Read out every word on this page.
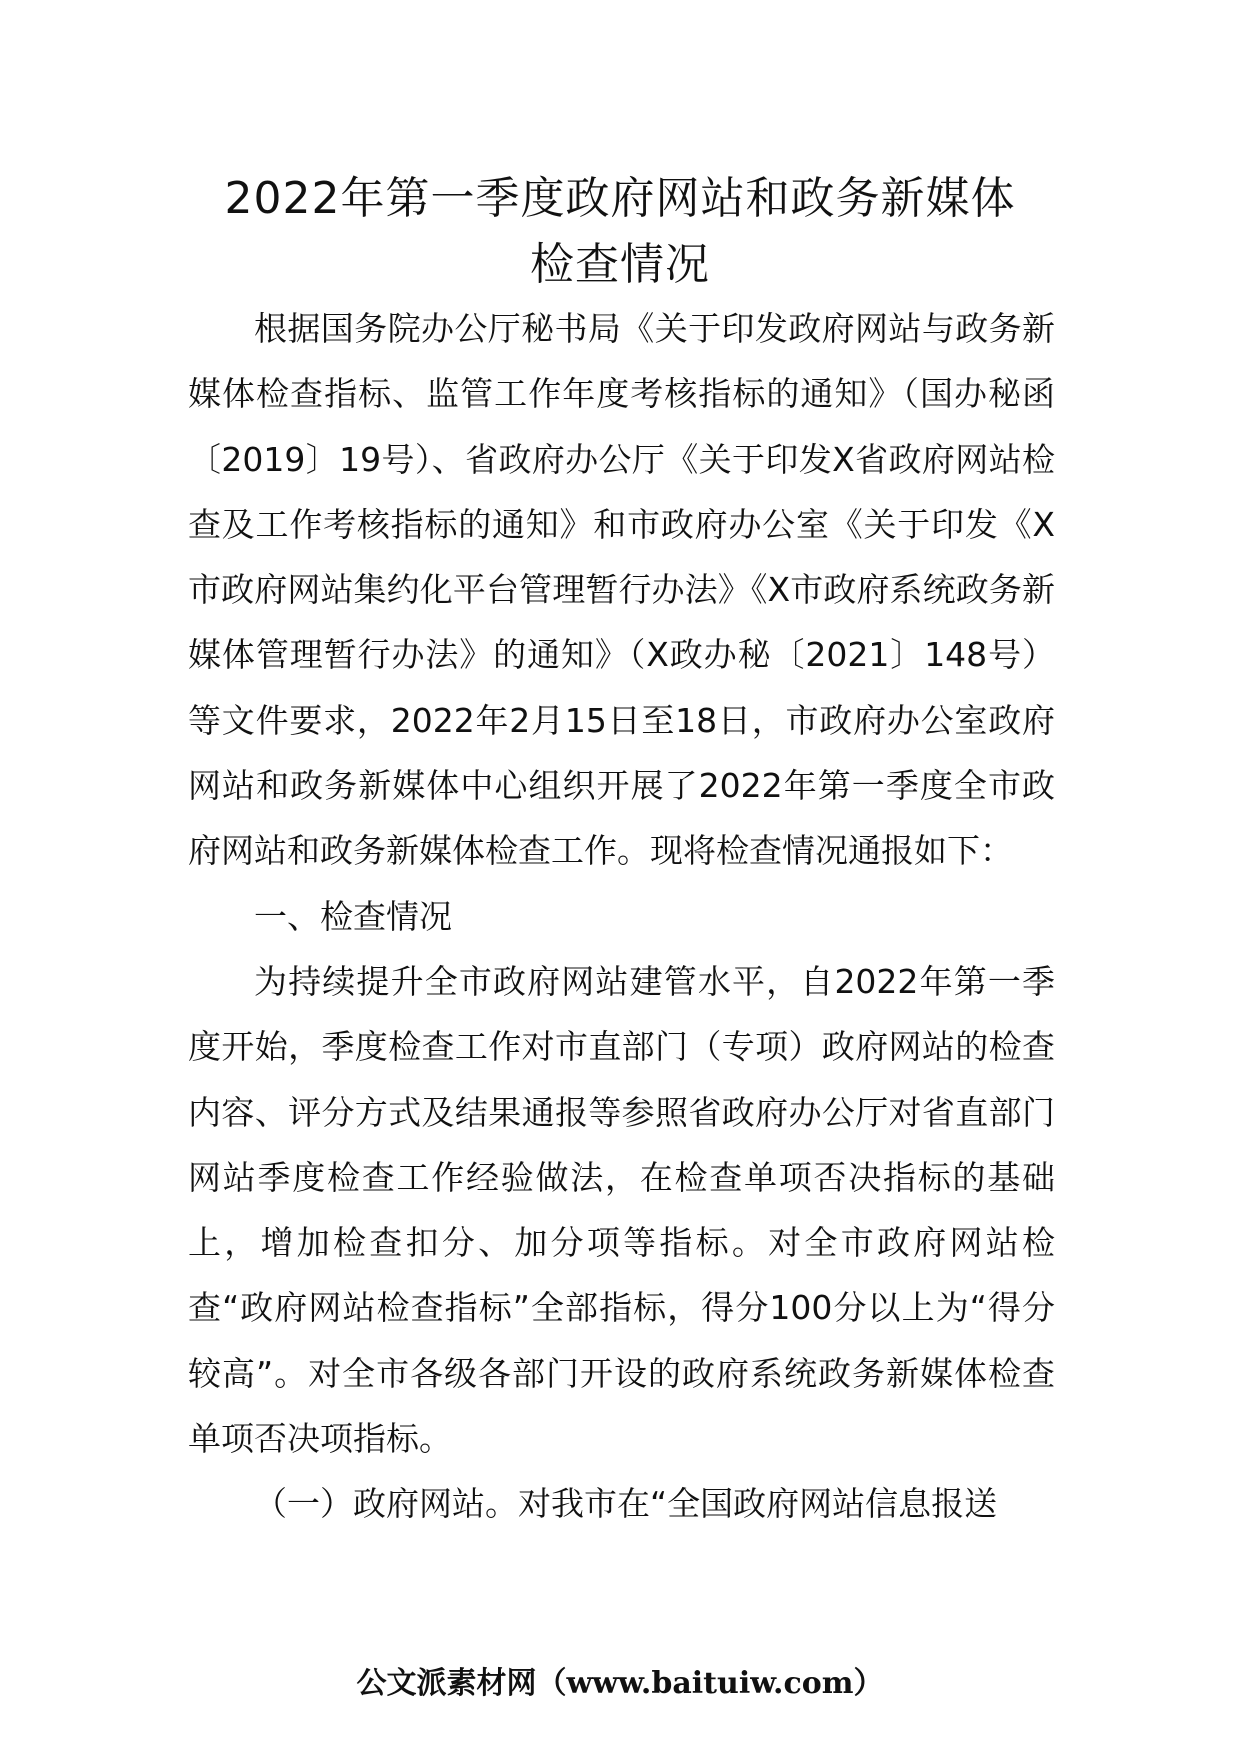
2022年第一季度政府网站和政务新媒体
检查情况

根据国务院办公厅秘书局《关于印发政府网站与政务新媒体检查指标、监管工作年度考核指标的通知》（国办秘函〔2019〕19号）、省政府办公厅《关于印发X省政府网站检查及工作考核指标的通知》和市政府办公室《关于印发《X市政府网站集约化平台管理暂行办法》《X市政府系统政务新媒体管理暂行办法》的通知》（X政办秘〔2021〕148号）等文件要求，2022年2月15日至18日，市政府办公室政府网站和政务新媒体中心组织开展了2022年第一季度全市政府网站和政务新媒体检查工作。现将检查情况通报如下：

一、检查情况

为持续提升全市政府网站建管水平，自2022年第一季度开始，季度检查工作对市直部门（专项）政府网站的检查内容、评分方式及结果通报等参照省政府办公厅对省直部门网站季度检查工作经验做法，在检查单项否决指标的基础上，增加检查扣分、加分项等指标。对全市政府网站检查“政府网站检查指标”全部指标，得分100分以上为“得分较高”。对全市各级各部门开设的政府系统政务新媒体检查单项否决项指标。

（一）政府网站。对我市在“全国政府网站信息报送

公文派素材网（www.baituiw.com）
